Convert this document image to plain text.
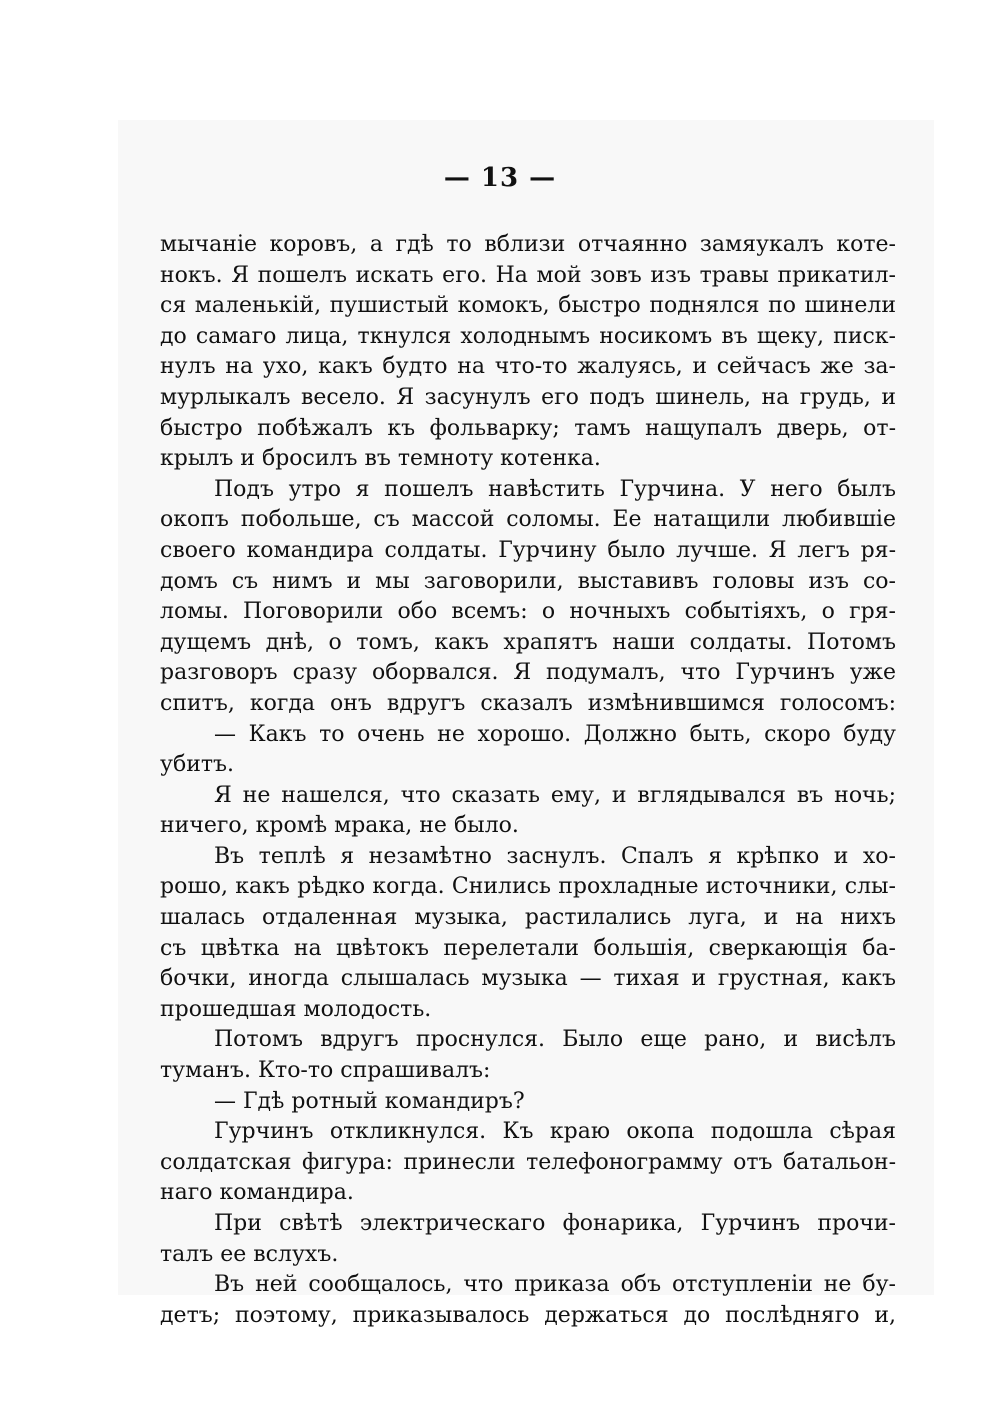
— 13 —
мычаніе коровъ, а гдѣ то вблизи отчаянно замяукалъ коте-
нокъ. Я пошелъ искать его. На мой зовъ изъ травы прикатил-
ся маленькій, пушистый комокъ, быстро поднялся по шинели
до самаго лица, ткнулся холоднымъ носикомъ въ щеку, писк-
нулъ на ухо, какъ будто на что-то жалуясь, и сейчасъ же за-
мурлыкалъ весело. Я засунулъ его подъ шинель, на грудь, и
быстро побѣжалъ къ фольварку; тамъ нащупалъ дверь, от-
крылъ и бросилъ въ темноту котенка.
Подъ утро я пошелъ навѣстить Гурчина. У него былъ
окопъ побольше, съ массой соломы. Ее натащили любившіе
своего командира солдаты. Гурчину было лучше. Я легъ ря-
домъ съ нимъ и мы заговорили, выставивъ головы изъ со-
ломы. Поговорили обо всемъ: о ночныхъ событіяхъ, о гря-
дущемъ днѣ, о томъ, какъ храпятъ наши солдаты. Потомъ
разговоръ сразу оборвался. Я подумалъ, что Гурчинъ уже
спитъ, когда онъ вдругъ сказалъ измѣнившимся голосомъ:
— Какъ то очень не хорошо. Должно быть, скоро буду
убитъ.
Я не нашелся, что сказать ему, и вглядывался въ ночь;
ничего, кромѣ мрака, не было.
Въ теплѣ я незамѣтно заснулъ. Спалъ я крѣпко и хо-
рошо, какъ рѣдко когда. Снились прохладные источники, слы-
шалась отдаленная музыка, растилались луга, и на нихъ
съ цвѣтка на цвѣтокъ перелетали большія, сверкающія ба-
бочки, иногда слышалась музыка — тихая и грустная, какъ
прошедшая молодость.
Потомъ вдругъ проснулся. Было еще рано, и висѣлъ
туманъ. Кто-то спрашивалъ:
— Гдѣ ротный командиръ?
Гурчинъ откликнулся. Къ краю окопа подошла сѣрая
солдатская фигура: принесли телефонограмму отъ батальон-
наго командира.
При свѣтѣ электрическаго фонарика, Гурчинъ прочи-
талъ ее вслухъ.
Въ ней сообщалось, что приказа объ отступленіи не бу-
детъ; поэтому, приказывалось держаться до послѣдняго и,
